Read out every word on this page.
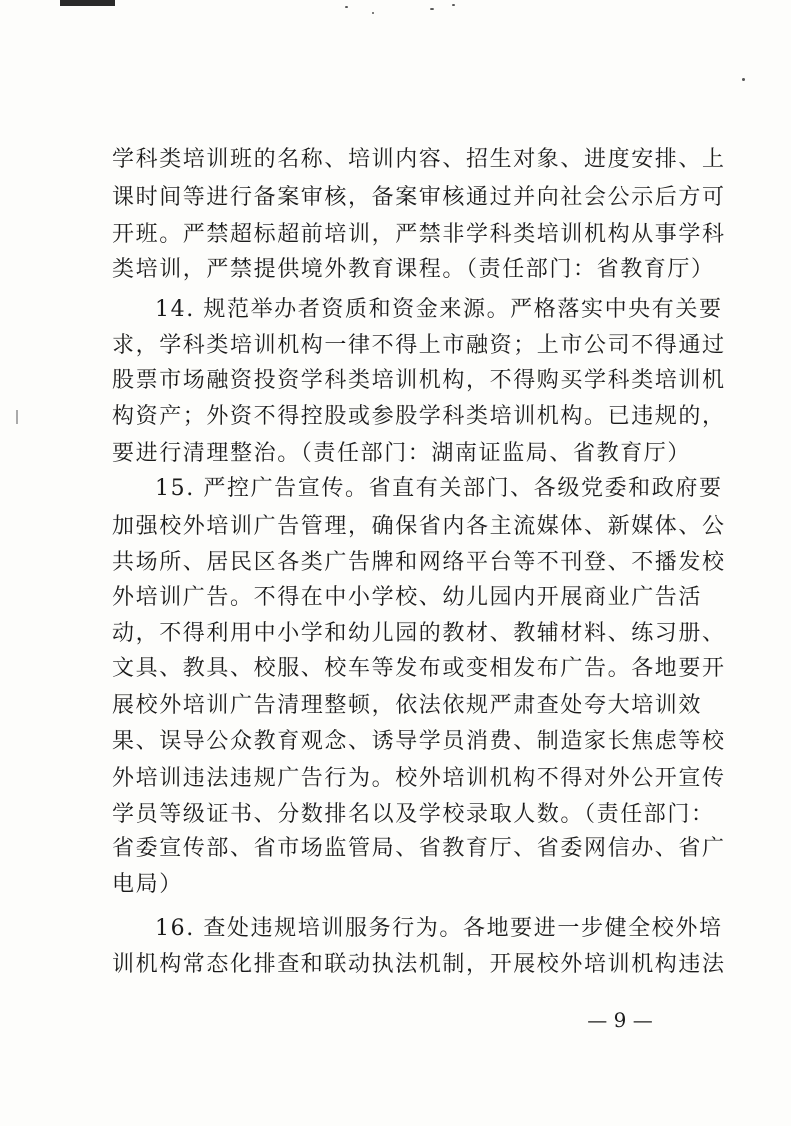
学科类培训班的名称、培训内容、招生对象、进度安排、上
课时间等进行备案审核，备案审核通过并向社会公示后方可
开班。严禁超标超前培训，严禁非学科类培训机构从事学科
类培训，严禁提供境外教育课程。（责任部门：省教育厅）
14. 规范举办者资质和资金来源。严格落实中央有关要
求，学科类培训机构一律不得上市融资；上市公司不得通过
股票市场融资投资学科类培训机构，不得购买学科类培训机
构资产；外资不得控股或参股学科类培训机构。已违规的，
要进行清理整治。（责任部门：湖南证监局、省教育厅）
15. 严控广告宣传。省直有关部门、各级党委和政府要
加强校外培训广告管理，确保省内各主流媒体、新媒体、公
共场所、居民区各类广告牌和网络平台等不刊登、不播发校
外培训广告。不得在中小学校、幼儿园内开展商业广告活
动，不得利用中小学和幼儿园的教材、教辅材料、练习册、
文具、教具、校服、校车等发布或变相发布广告。各地要开
展校外培训广告清理整顿，依法依规严肃查处夸大培训效
果、误导公众教育观念、诱导学员消费、制造家长焦虑等校
外培训违法违规广告行为。校外培训机构不得对外公开宣传
学员等级证书、分数排名以及学校录取人数。（责任部门：
省委宣传部、省市场监管局、省教育厅、省委网信办、省广
电局）
16. 查处违规培训服务行为。各地要进一步健全校外培
训机构常态化排查和联动执法机制，开展校外培训机构违法
— 9 —
